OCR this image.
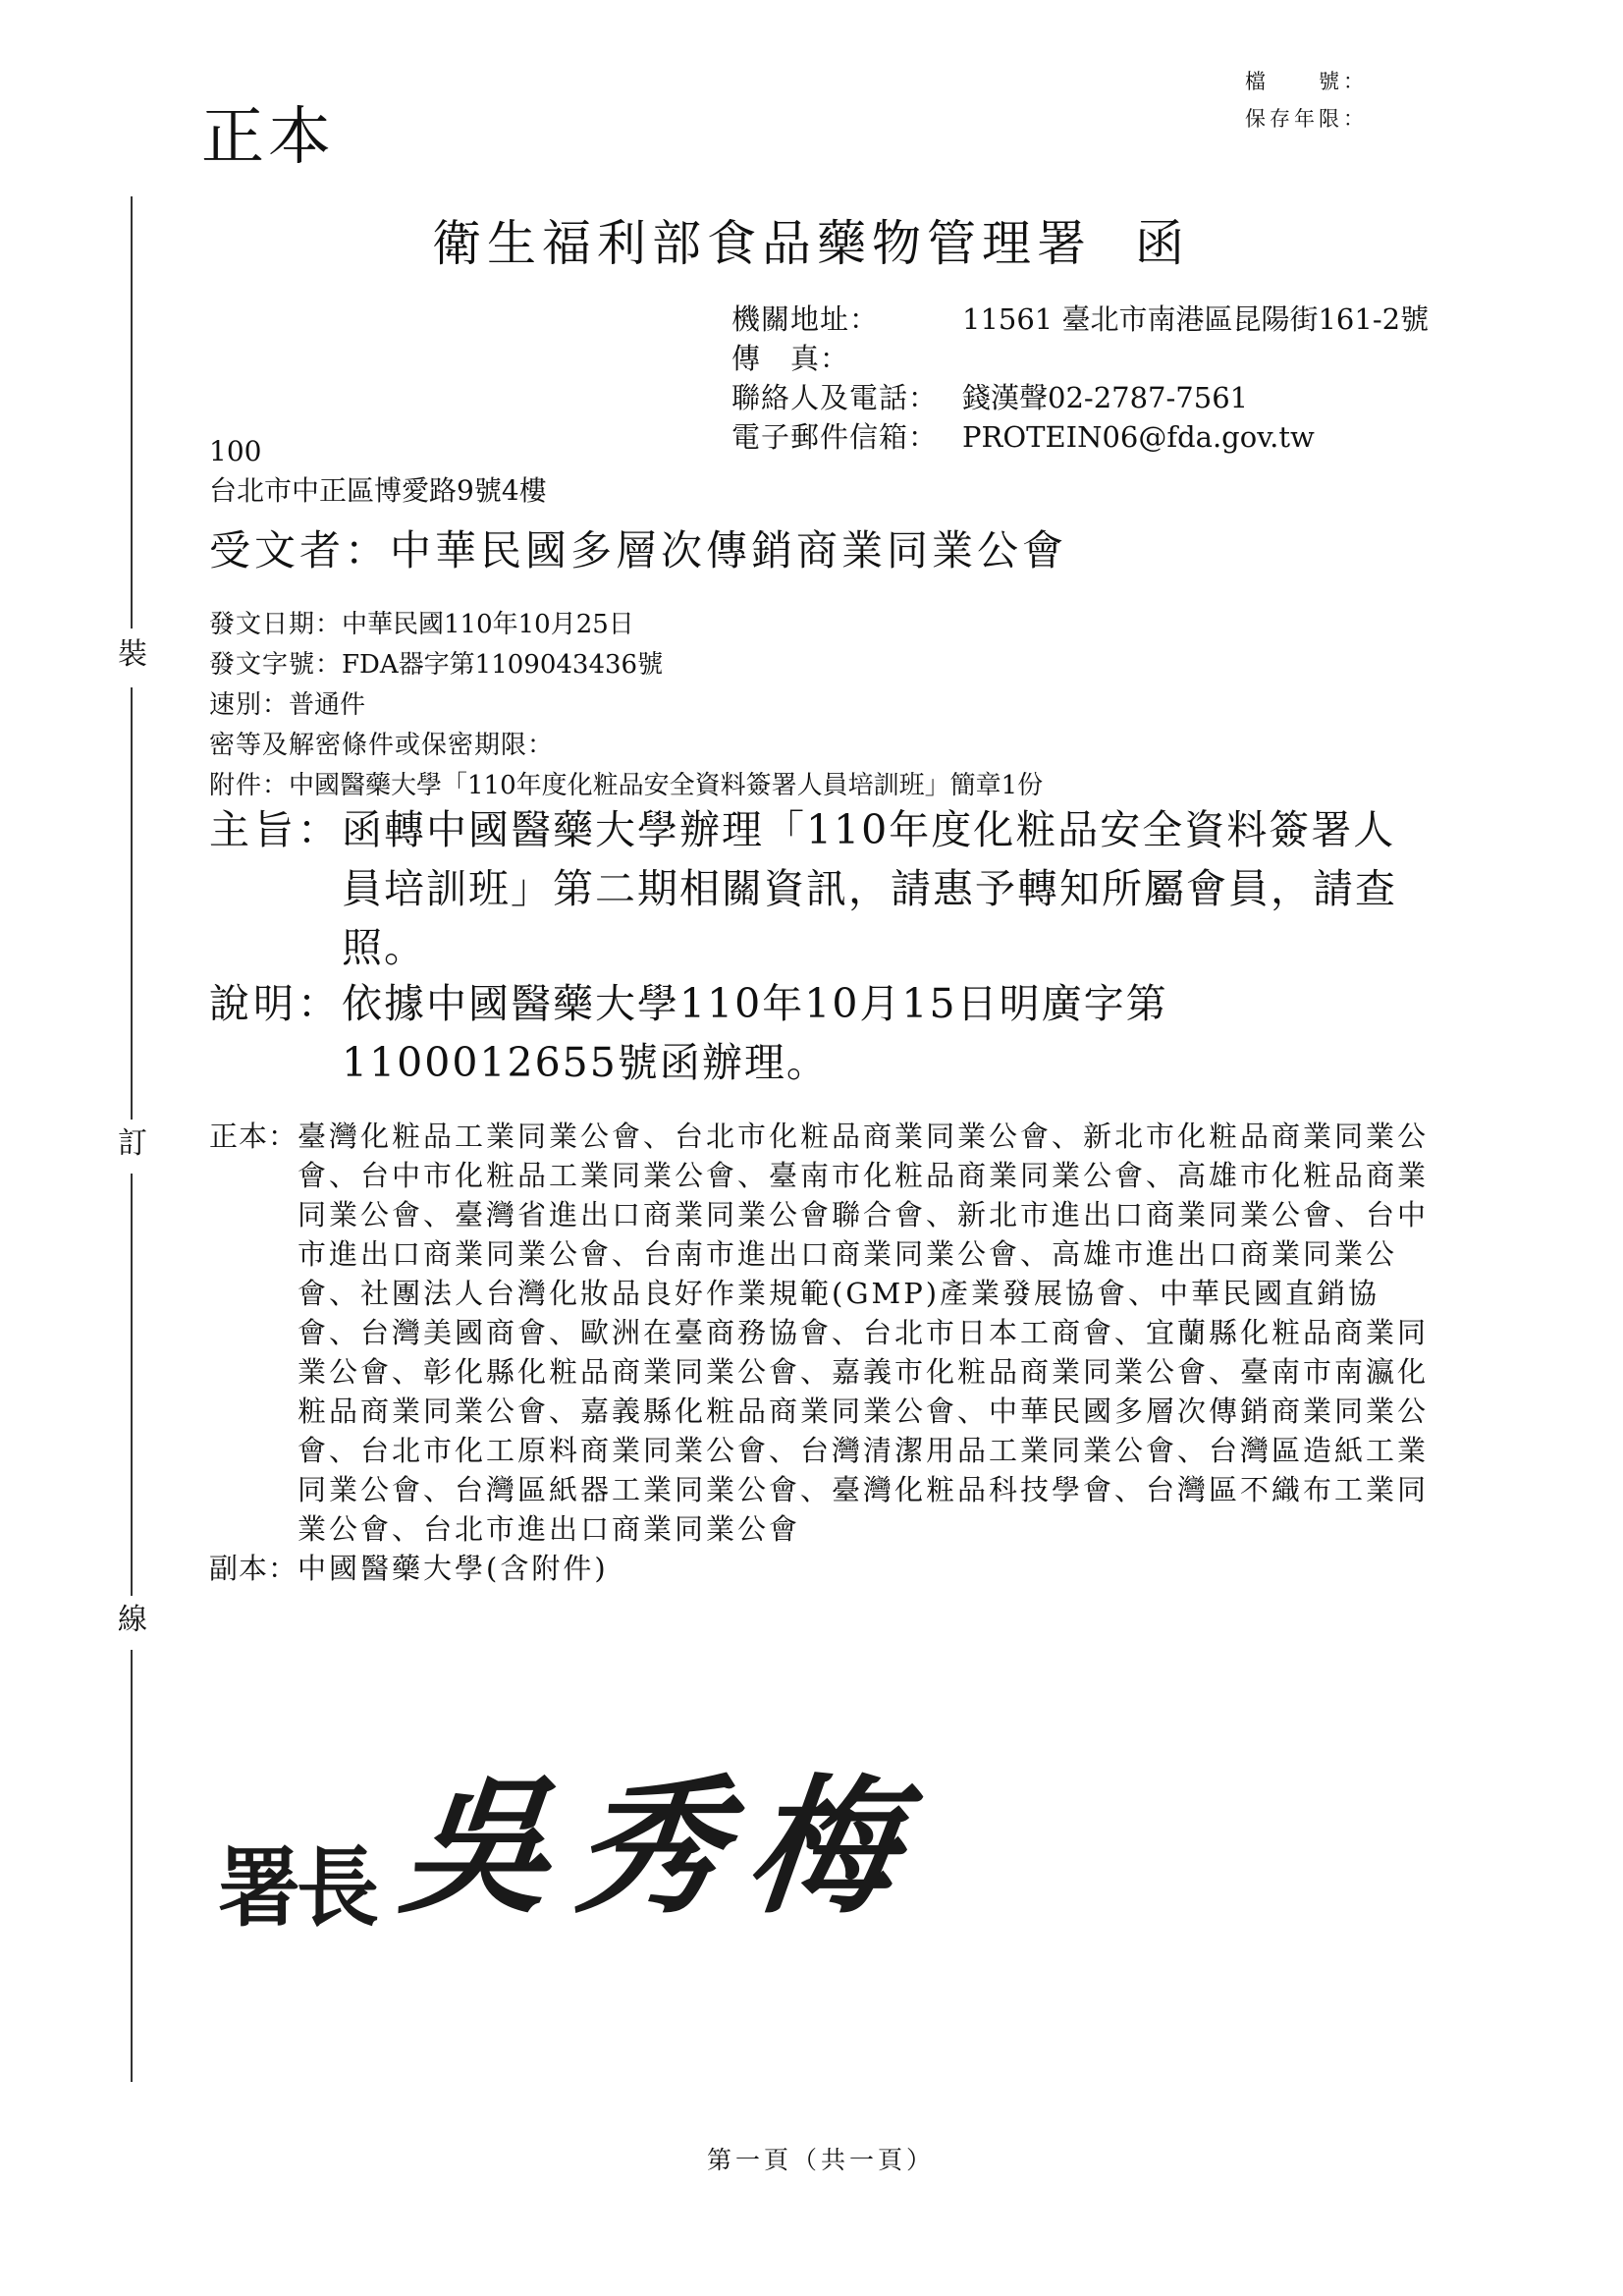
裝
訂
線
正本
檔　　號：
保存年限：
衛生福利部食品藥物管理署 函
機關地址：	11561 臺北市南港區昆陽街161-2號
傳　真：
聯絡人及電話： 錢漢聲02-2787-7561
電子郵件信箱： PROTEIN06@fda.gov.tw
100
台北市中正區博愛路9號4樓
受文者：中華民國多層次傳銷商業同業公會
發文日期：中華民國110年10月25日
發文字號：FDA器字第1109043436號
速別：普通件
密等及解密條件或保密期限：
附件：中國醫藥大學「110年度化粧品安全資料簽署人員培訓班」簡章1份
主旨： 函轉中國醫藥大學辦理「110年度化粧品安全資料簽署人員培訓班」第二期相關資訊，請惠予轉知所屬會員，請查照。
說明： 依據中國醫藥大學110年10月15日明廣字第1100012655號函辦理。
正本： 臺灣化粧品工業同業公會、台北市化粧品商業同業公會、新北市化粧品商業同業公會、台中市化粧品工業同業公會、臺南市化粧品商業同業公會、高雄市化粧品商業同業公會、臺灣省進出口商業同業公會聯合會、新北市進出口商業同業公會、台中市進出口商業同業公會、台南市進出口商業同業公會、高雄市進出口商業同業公會、社團法人台灣化妝品良好作業規範(GMP)產業發展協會、中華民國直銷協會、台灣美國商會、歐洲在臺商務協會、台北市日本工商會、宜蘭縣化粧品商業同業公會、彰化縣化粧品商業同業公會、嘉義市化粧品商業同業公會、臺南市南瀛化粧品商業同業公會、嘉義縣化粧品商業同業公會、中華民國多層次傳銷商業同業公會、台北市化工原料商業同業公會、台灣清潔用品工業同業公會、台灣區造紙工業同業公會、台灣區紙器工業同業公會、臺灣化粧品科技學會、台灣區不織布工業同業公會、台北市進出口商業同業公會
副本： 中國醫藥大學(含附件)
署長 吳秀梅
第一頁（共一頁）
